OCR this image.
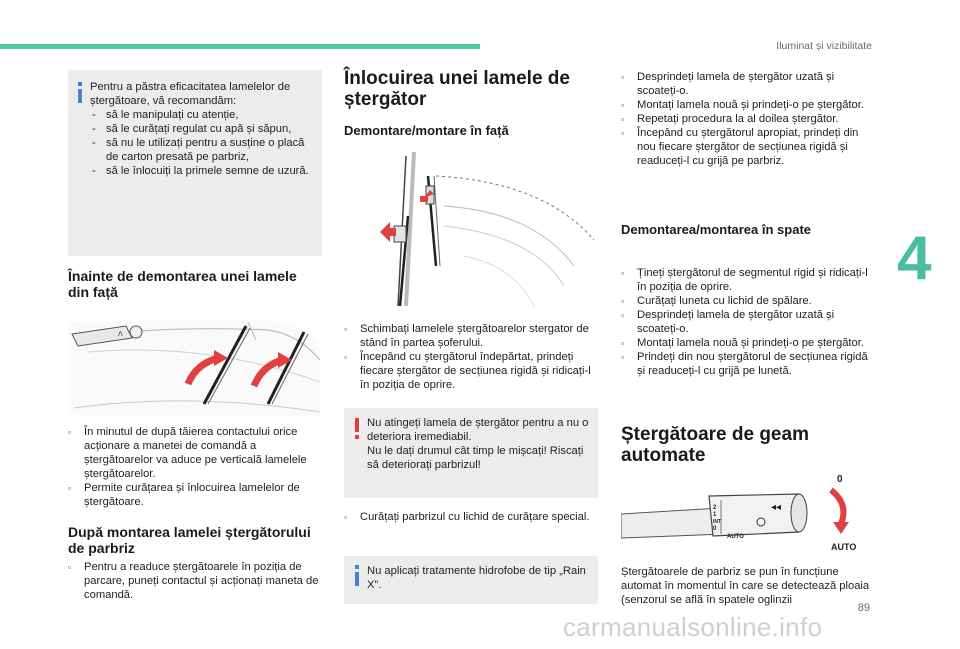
Iluminat și vizibilitate
4

Pentru a păstra eficacitatea lamelelor de ștergătoare, vă recomandăm:

- să le manipulați cu atenție,
- să le curățați regulat cu apă și săpun,
- să nu le utilizați pentru a susține o placă de carton presată pe parbriz,
- să le înlocuiți la primele semne de uzură.
Înainte de demontarea unei lamele din față
Λ
▫ În minutul de după tăierea contactului orice acționare a manetei de comandă a ștergătoarelor va aduce pe verticală lamelele ștergătoarelor.
▫ Permite curățarea și înlocuirea lamelelor de ștergătoare.
După montarea lamelei ștergătorului de parbriz
▫ Pentru a readuce ștergătoarele în poziția de parcare, puneți contactul și acționați maneta de comandă.
Înlocuirea unei lamele de ștergător
Demontare/montare în față
▫ Schimbați lamelele ștergătoarelor stergator de stând în partea șoferului.
▫ Începând cu ștergătorul îndepărtat, prindeți fiecare ștergător de secțiunea rigidă și ridicați-l în poziția de oprire.

Nu atingeți lamela de ștergător pentru a nu o deteriora iremediabil.

Nu le dați drumul cât timp le mișcați! Riscați să deteriorați parbrizul!

▫ Curățați parbrizul cu lichid de curățare special.
Nu aplicați tratamente hidrofobe de tip „Rain X”.
▫ Desprindeți lamela de ștergător uzată și scoateți-o.
▫ Montați lamela nouă și prindeți-o pe ștergător.
▫ Repetați procedura la al doilea ștergător.
▫ Începând cu ștergătorul apropiat, prindeți din nou fiecare ștergător de secțiunea rigidă și readuceți-l cu grijă pe parbriz.
Demontarea/montarea în spate
▫ Țineți ștergătorul de segmentul rigid și ridicați-l în poziția de oprire.
▫ Curățați luneta cu lichid de spălare.
▫ Desprindeți lamela de ștergător uzată și scoateți-o.
▫ Montați lamela nouă și prindeți-o pe ștergător.
▫ Prindeți din nou ștergătorul de secțiunea rigidă și readuceți-l cu grijă pe lunetă.
Ștergătoare de geam automate
2
1
INT
0
AUTO
◂◂
0
AUTO
Ștergătoarele de parbriz se pun în funcțiune automat în momentul în care se detectează ploaia (senzorul se află în spatele oglinzii
89
carmanualsonline.info
